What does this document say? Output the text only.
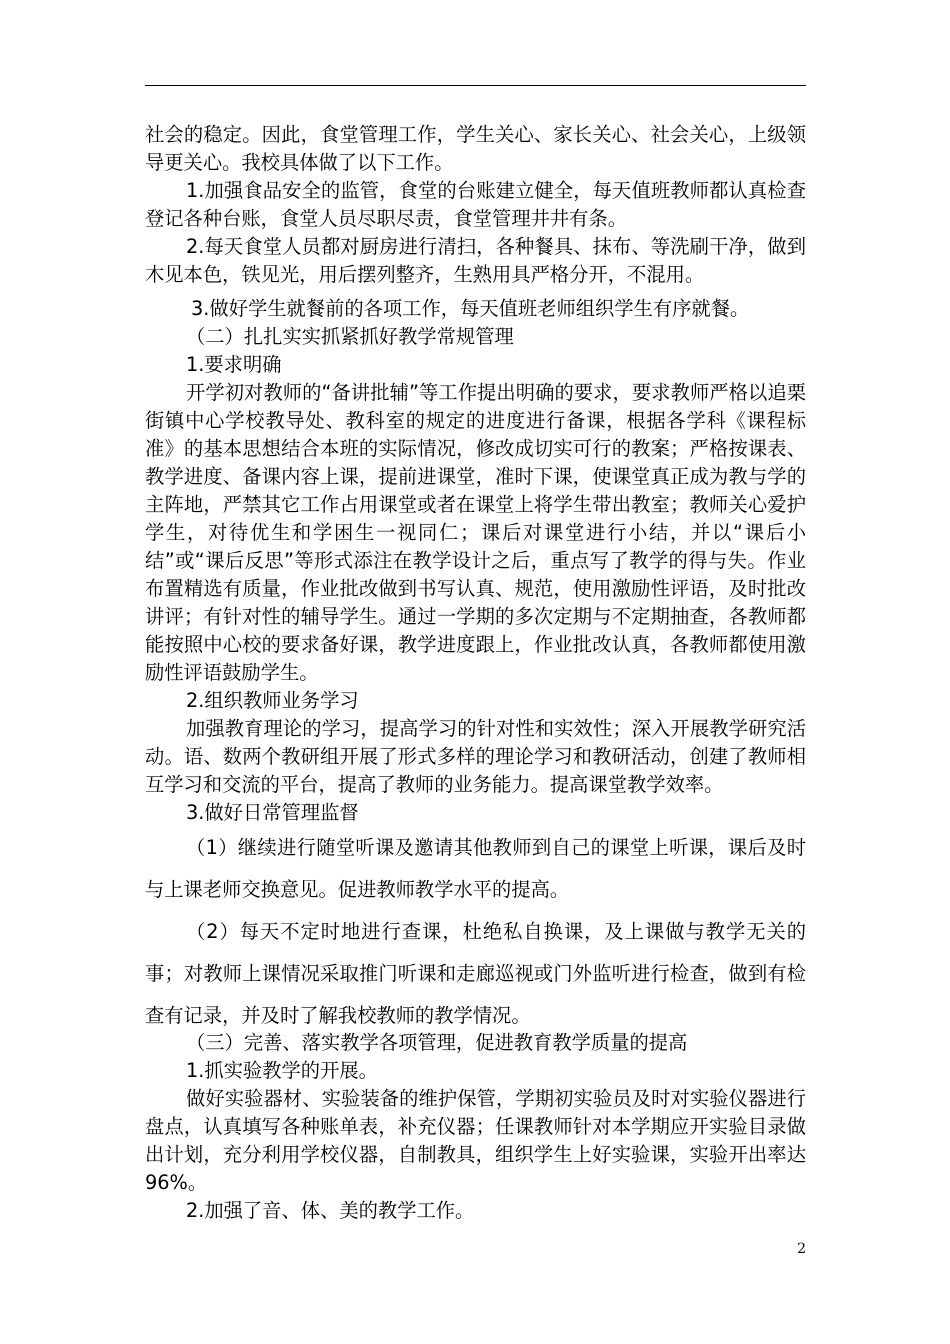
社会的稳定。因此，食堂管理工作，学生关心、家长关心、社会关心，上级领导更关心。我校具体做了以下工作。

1.加强食品安全的监管，食堂的台账建立健全，每天值班教师都认真检查登记各种台账，食堂人员尽职尽责，食堂管理井井有条。

2.每天食堂人员都对厨房进行清扫，各种餐具、抹布、等洗刷干净，做到木见本色，铁见光，用后摆列整齐，生熟用具严格分开，不混用。

3.做好学生就餐前的各项工作，每天值班老师组织学生有序就餐。

（二）扎扎实实抓紧抓好教学常规管理

1.要求明确

开学初对教师的“备讲批辅”等工作提出明确的要求，要求教师严格以追栗街镇中心学校教导处、教科室的规定的进度进行备课，根据各学科《课程标准》的基本思想结合本班的实际情况，修改成切实可行的教案；严格按课表、教学进度、备课内容上课，提前进课堂，准时下课，使课堂真正成为教与学的主阵地，严禁其它工作占用课堂或者在课堂上将学生带出教室；教师关心爱护学生，对待优生和学困生一视同仁；课后对课堂进行小结，并以“课后小结”或“课后反思”等形式添注在教学设计之后，重点写了教学的得与失。作业布置精选有质量，作业批改做到书写认真、规范，使用激励性评语，及时批改讲评；有针对性的辅导学生。通过一学期的多次定期与不定期抽查，各教师都能按照中心校的要求备好课，教学进度跟上，作业批改认真，各教师都使用激励性评语鼓励学生。

2.组织教师业务学习

加强教育理论的学习，提高学习的针对性和实效性；深入开展教学研究活动。语、数两个教研组开展了形式多样的理论学习和教研活动，创建了教师相互学习和交流的平台，提高了教师的业务能力。提高课堂教学效率。

3.做好日常管理监督

（1）继续进行随堂听课及邀请其他教师到自己的课堂上听课，课后及时与上课老师交换意见。促进教师教学水平的提高。

（2）每天不定时地进行查课，杜绝私自换课，及上课做与教学无关的事；对教师上课情况采取推门听课和走廊巡视或门外监听进行检查，做到有检查有记录，并及时了解我校教师的教学情况。

（三）完善、落实教学各项管理，促进教育教学质量的提高

1.抓实验教学的开展。

做好实验器材、实验装备的维护保管，学期初实验员及时对实验仪器进行盘点，认真填写各种账单表，补充仪器；任课教师针对本学期应开实验目录做出计划，充分利用学校仪器，自制教具，组织学生上好实验课，实验开出率达96%。

2.加强了音、体、美的教学工作。

2
